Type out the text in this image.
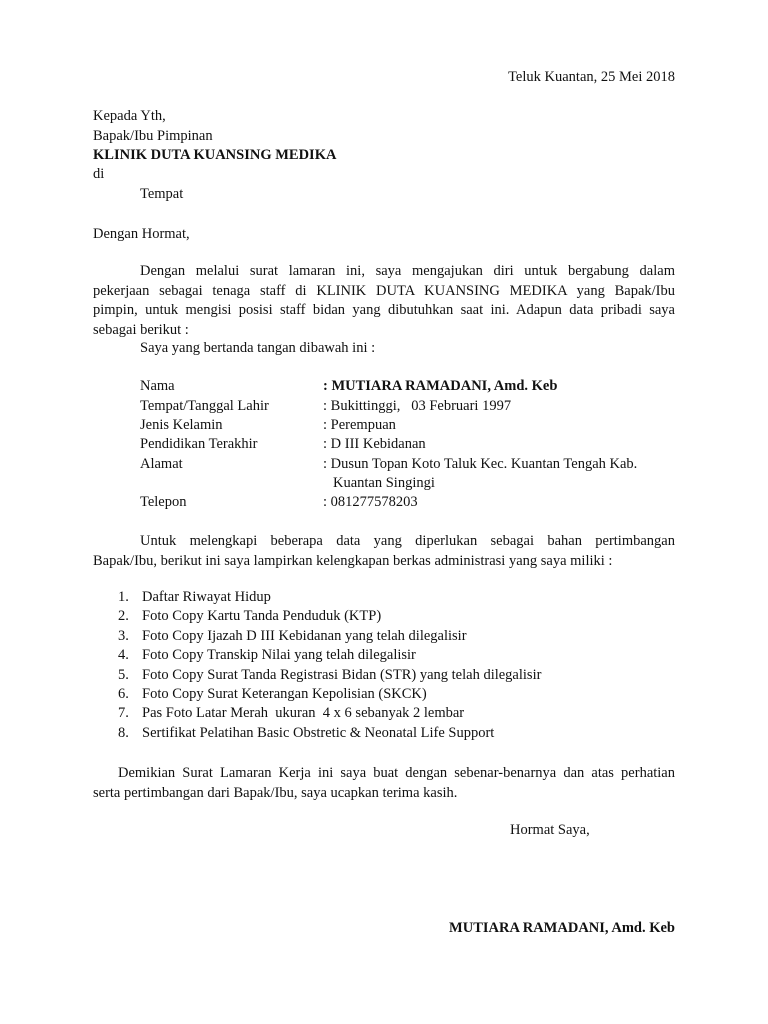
Teluk Kuantan, 25 Mei 2018
Kepada Yth,
Bapak/Ibu Pimpinan
KLINIK DUTA KUANSING MEDIKA
di
Tempat
Dengan Hormat,
Dengan melalui surat lamaran ini, saya mengajukan diri untuk bergabung dalam
pekerjaan sebagai tenaga staff di KLINIK DUTA KUANSING MEDIKA yang Bapak/Ibu
pimpin, untuk mengisi posisi staff bidan yang dibutuhkan saat ini. Adapun data pribadi saya
sebagai berikut :
Saya yang bertanda tangan dibawah ini :
Nama	: MUTIARA RAMADANI, Amd. Keb
Tempat/Tanggal Lahir	: Bukittinggi,   03 Februari 1997
Jenis Kelamin	: Perempuan
Pendidikan Terakhir	: D III Kebidanan
Alamat	: Dusun Topan Koto Taluk Kec. Kuantan Tengah Kab.
Kuantan Singingi
Telepon	: 081277578203
Untuk melengkapi beberapa data yang diperlukan sebagai bahan pertimbangan
Bapak/Ibu, berikut ini saya lampirkan kelengkapan berkas administrasi yang saya miliki :
1. Daftar Riwayat Hidup
2. Foto Copy Kartu Tanda Penduduk (KTP)
3. Foto Copy Ijazah D III Kebidanan yang telah dilegalisir
4. Foto Copy Transkip Nilai yang telah dilegalisir
5. Foto Copy Surat Tanda Registrasi Bidan (STR) yang telah dilegalisir
6. Foto Copy Surat Keterangan Kepolisian (SKCK)
7. Pas Foto Latar Merah  ukuran  4 x 6 sebanyak 2 lembar
8. Sertifikat Pelatihan Basic Obstretic & Neonatal Life Support
Demikian Surat Lamaran Kerja ini saya buat dengan sebenar-benarnya dan atas perhatian
serta pertimbangan dari Bapak/Ibu, saya ucapkan terima kasih.
Hormat Saya,
MUTIARA RAMADANI, Amd. Keb
